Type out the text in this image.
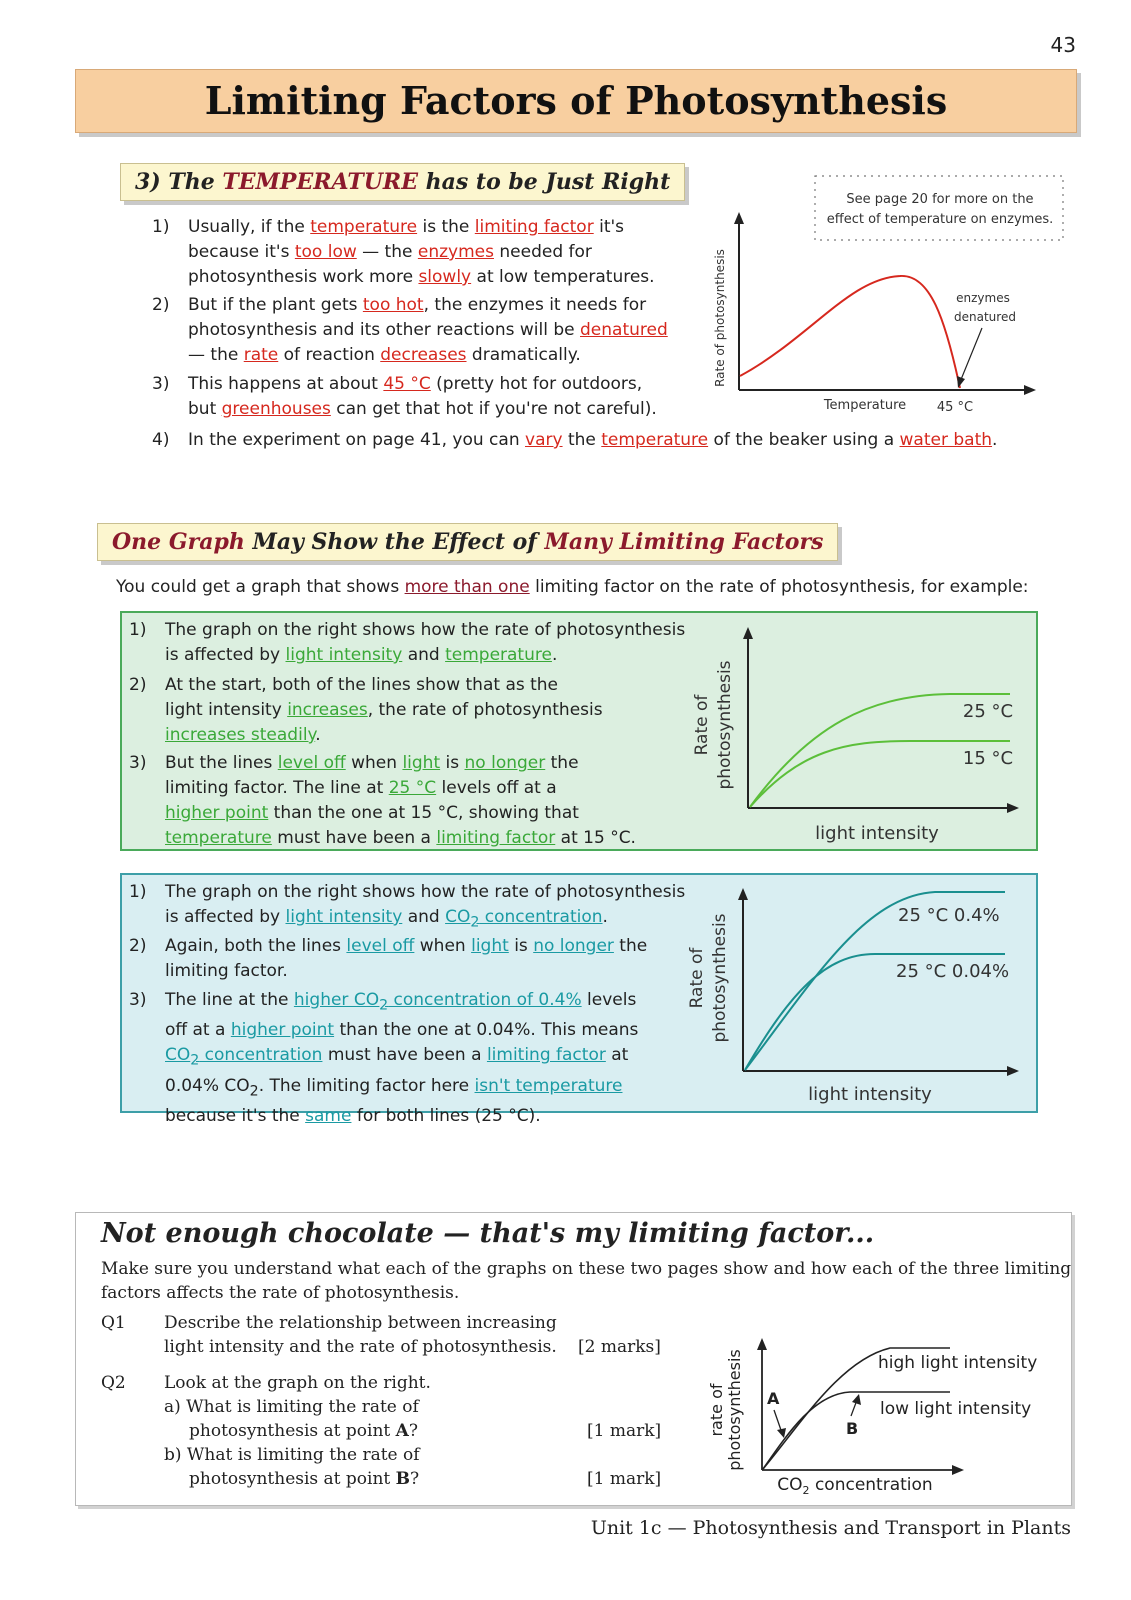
43
Limiting Factors of Photosynthesis
3) The TEMPERATURE has to be Just Right
1) Usually, if the temperature is the limiting factor it's
because it's too low — the enzymes needed for
photosynthesis work more slowly at low temperatures.
2) But if the plant gets too hot, the enzymes it needs for
photosynthesis and its other reactions will be denatured
— the rate of reaction decreases dramatically.
3) This happens at about 45 °C (pretty hot for outdoors,
but greenhouses can get that hot if you're not careful).
4) In the experiment on page 41, you can vary the temperature of the beaker using a water bath.
See page 20 for more on the
effect of temperature on enzymes.
Rate of photosynthesis
Temperature 45 °C
enzymes
denatured
One Graph May Show the Effect of Many Limiting Factors
You could get a graph that shows more than one limiting factor on the rate of photosynthesis, for example:
1) The graph on the right shows how the rate of photosynthesis
is affected by light intensity and temperature.
2) At the start, both of the lines show that as the
light intensity increases, the rate of photosynthesis
increases steadily.
3) But the lines level off when light is no longer the
limiting factor. The line at 25 °C levels off at a
higher point than the one at 15 °C, showing that
temperature must have been a limiting factor at 15 °C.
Rate of photosynthesis
light intensity
25 °C
15 °C
1) The graph on the right shows how the rate of photosynthesis
is affected by light intensity and $CO_2$ concentration.
2) Again, both the lines level off when light is no longer the
limiting factor.
3) The line at the higher $CO_2$ concentration of 0.4% levels
off at a higher point than the one at 0.04%. This means
$CO_2$ concentration must have been a limiting factor at
0.04% $CO_2$. The limiting factor here isn't temperature
because it's the same for both lines (25 °C).
Rate of photosynthesis
light intensity
25 °C 0.4%
25 °C 0.04%
Not enough chocolate — that's my limiting factor...
Make sure you understand what each of the graphs on these two pages show and how each of the three limiting
factors affects the rate of photosynthesis.
Q1 Describe the relationship between increasing
light intensity and the rate of photosynthesis. [2 marks]
Q2 Look at the graph on the right.
a) What is limiting the rate of
photosynthesis at point A?	[1 mark]
b) What is limiting the rate of
photosynthesis at point B?	[1 mark]
rate of photosynthesis
$CO_2$ concentration
high light intensity
low light intensity
A
B
Unit 1c — Photosynthesis and Transport in Plants
